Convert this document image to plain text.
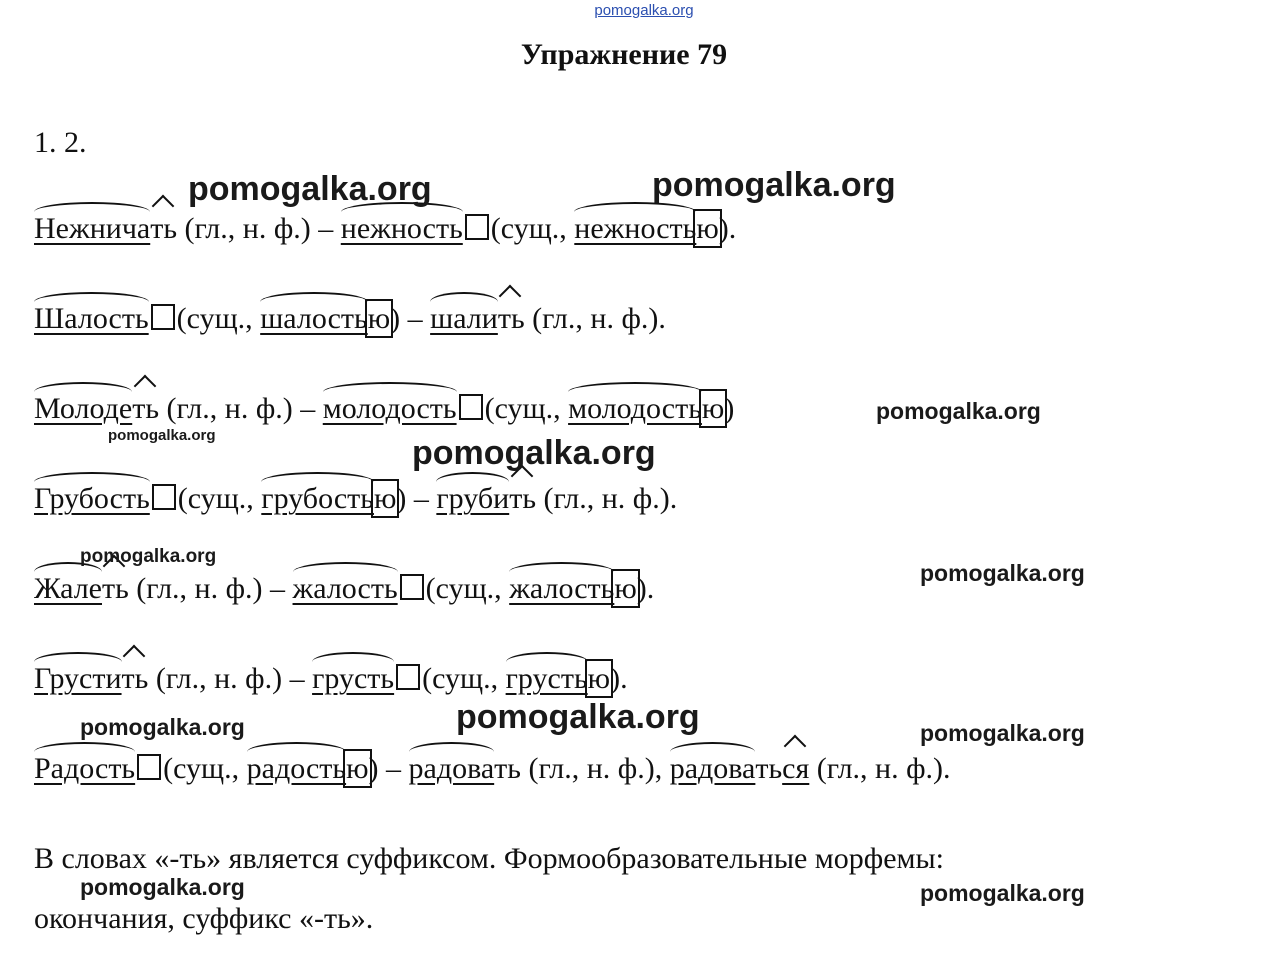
pomogalka.org
Упражнение 79
1. 2.
Нежнича
ть (гл., н. ф.) –
нежность (сущ.,
нежностью).
Шалость (сущ.,
шалостью) –
шали
ть (гл., н. ф.).
Молоде
ть (гл., н. ф.) –
молодость (сущ.,
молодостью)
Грубость (сущ.,
грубостью) –
груби
ть (гл., н. ф.).
Жале
ть (гл., н. ф.) –
жалость (сущ.,
жалостью).
Грусти
ть (гл., н. ф.) –
грусть (сущ.,
грустью).
Радость (сущ.,
радостью) –
радовать (гл., н. ф.),
радовать
ся (гл., н. ф.).
В словах «-ть» является суффиксом. Формообразовательные морфемы:
окончания, суффикс «-ть».
pomogalka.org	pomogalka.org
pomogalka.org
pomogalka.org	pomogalka.org
pomogalka.org
pomogalka.org
pomogalka.org
pomogalka.org	pomogalka.org
pomogalka.org	pomogalka.org
